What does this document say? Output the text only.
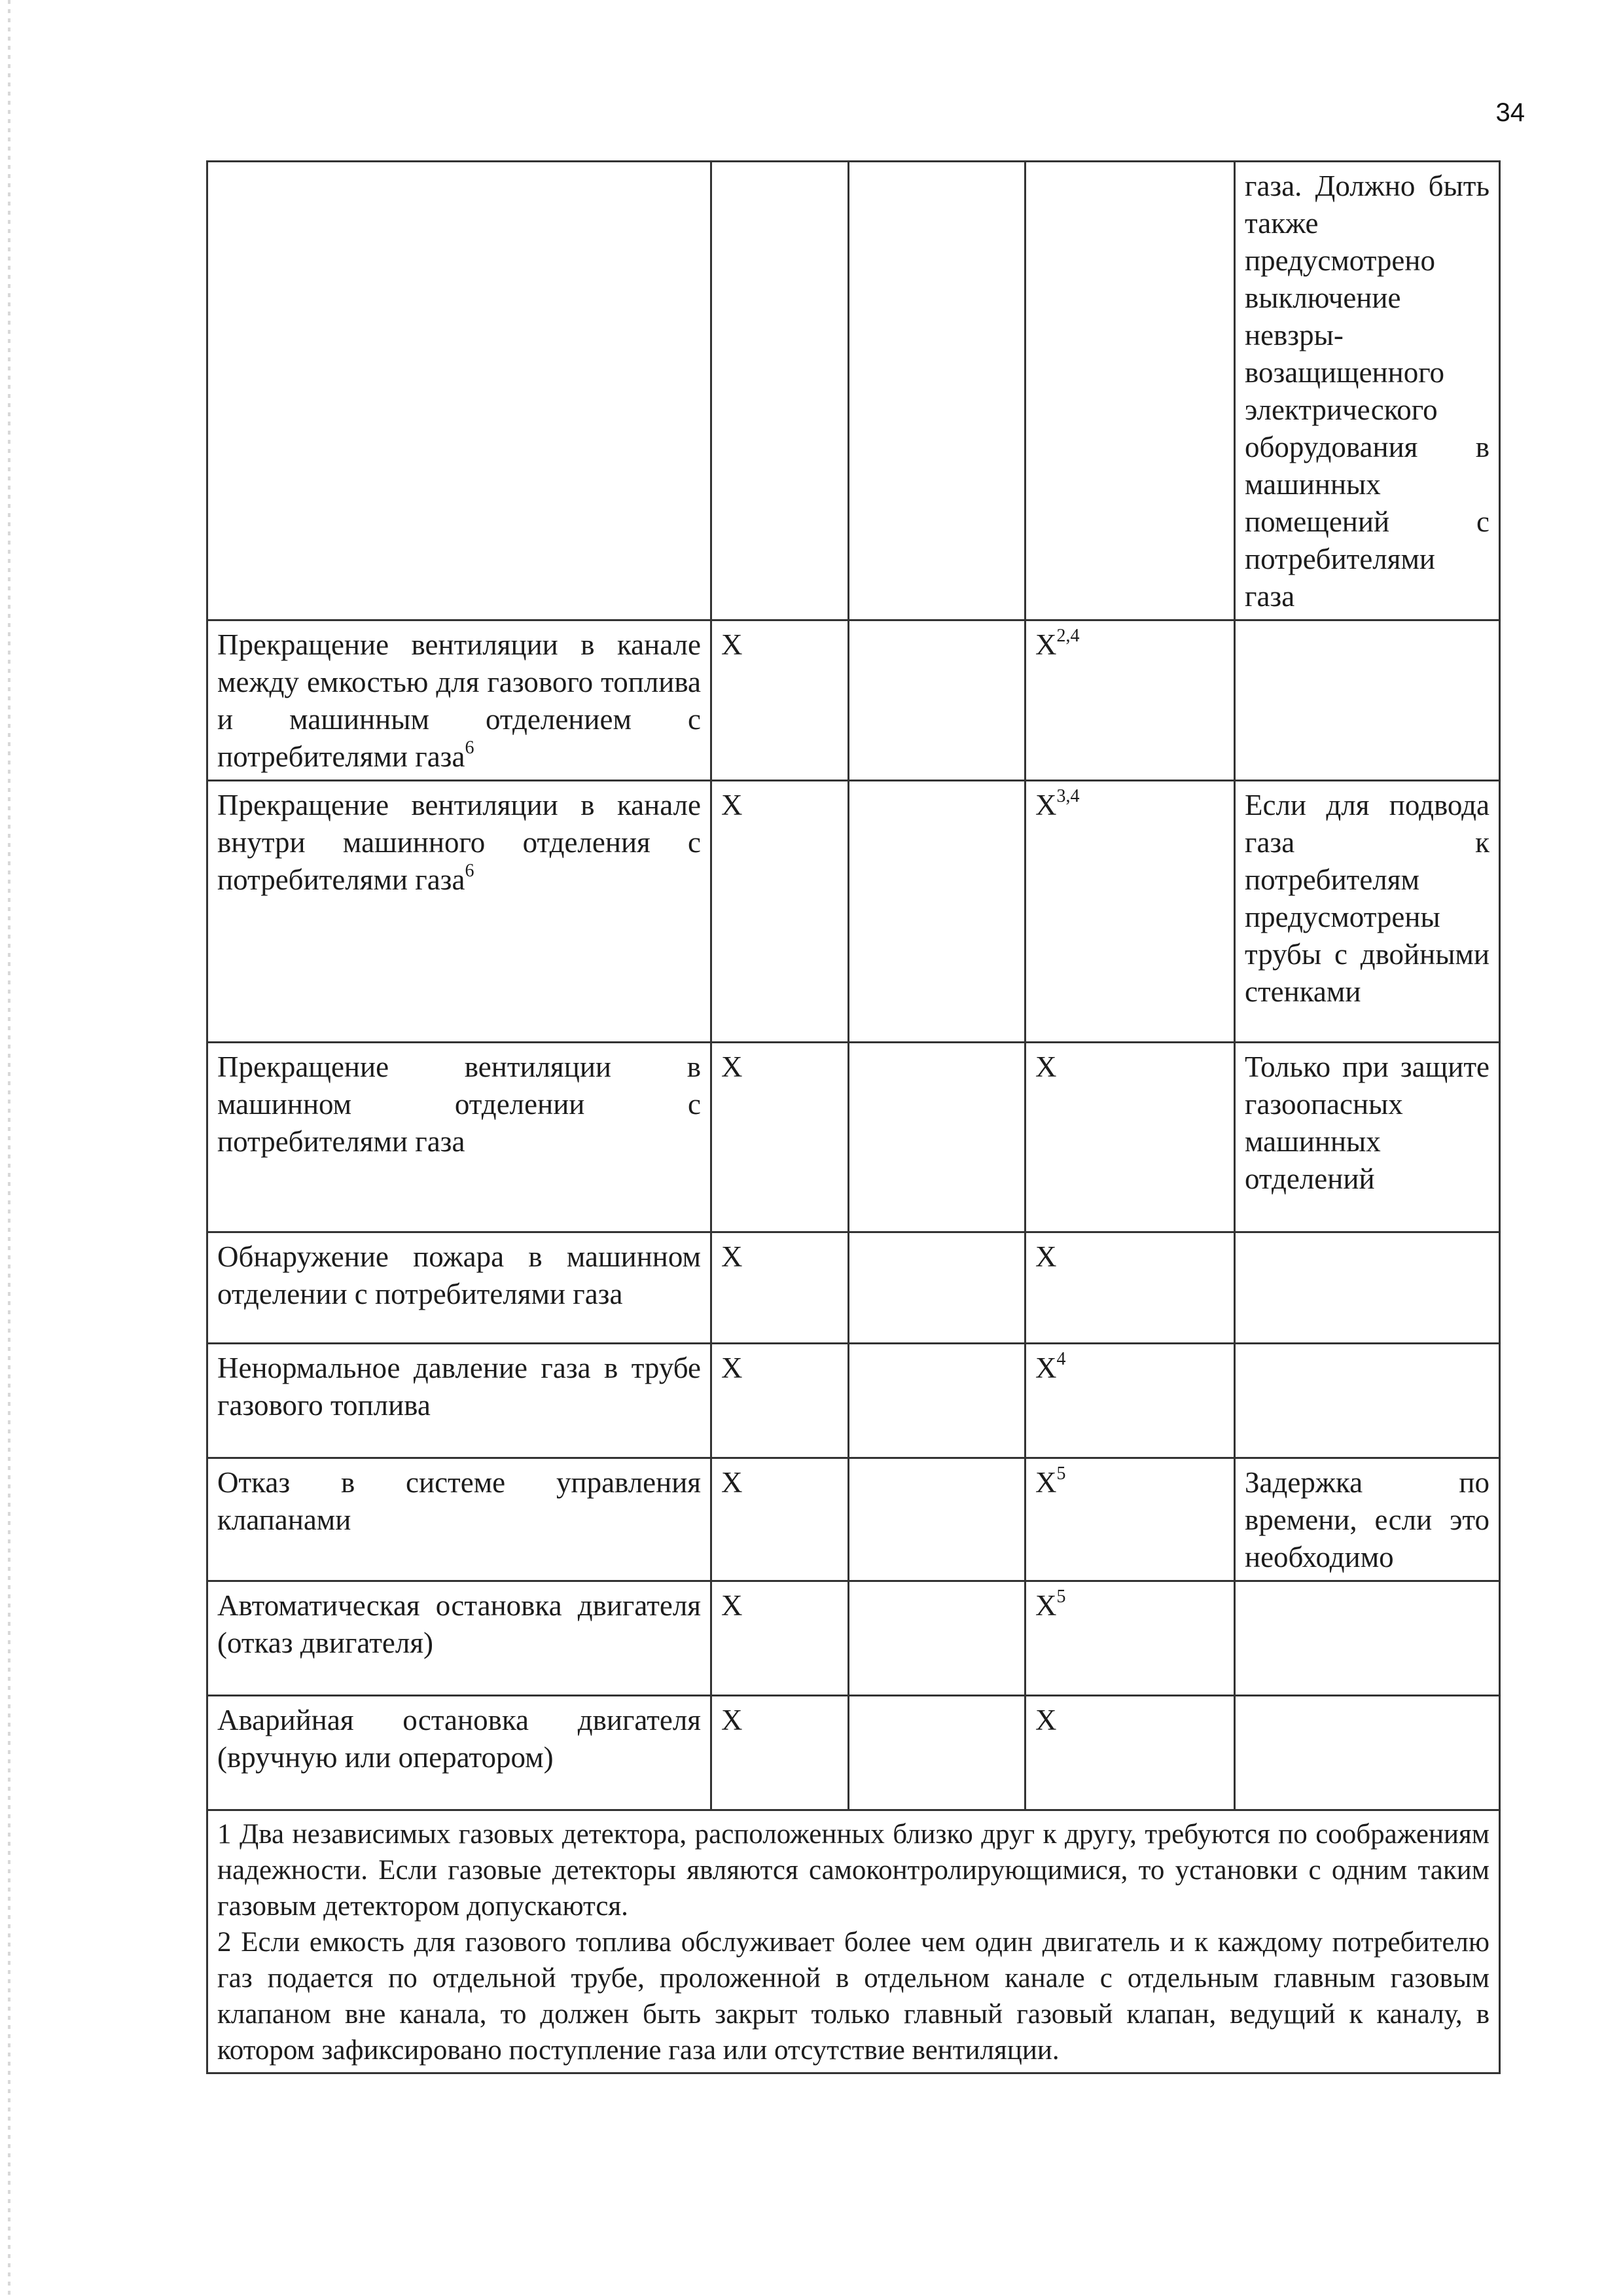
34
				газа. Должно быть также предусмотрено выключение невзры-возащищенного электрического оборудования в машинных помещений с потребителями газа
Прекращение вентиляции в канале между емкостью для газового топлива и машинным отделением с потребителями газа$^6$	X		X$^{2,4}$	
Прекращение вентиляции в канале внутри машинного отделения с потребителями газа$^6$	X		X$^{3,4}$	Если для подвода газа к потребителям предусмотрены трубы с двойными стенками
Прекращение вентиляции в машинном отделении с потребителями газа	X		X	Только при защите газоопасных машинных отделений
Обнаружение пожара в машинном отделении с потребителями газа	X		X	
Ненормальное давление газа в трубе газового топлива	X		$X^4$	
Отказ в системе управления клапанами	X		$X^5$	Задержка по времени, если это необходимо
Автоматическая остановка двигателя (отказ двигателя)	X		$X^5$	
Аварийная остановка двигателя (вручную или оператором)	X		X	

1 Два независимых газовых детектора, расположенных близко друг к другу, требуются по соображениям надежности. Если газовые детекторы являются самоконтролирующимися, то установки с одним таким газовым детектором допускаются.
2 Если емкость для газового топлива обслуживает более чем один двигатель и к каждому потребителю газ подается по отдельной трубе, проложенной в отдельном канале с отдельным главным газовым клапаном вне канала, то должен быть закрыт только главный газовый клапан, ведущий к каналу, в котором зафиксировано поступление газа или отсутствие вентиляции.				
